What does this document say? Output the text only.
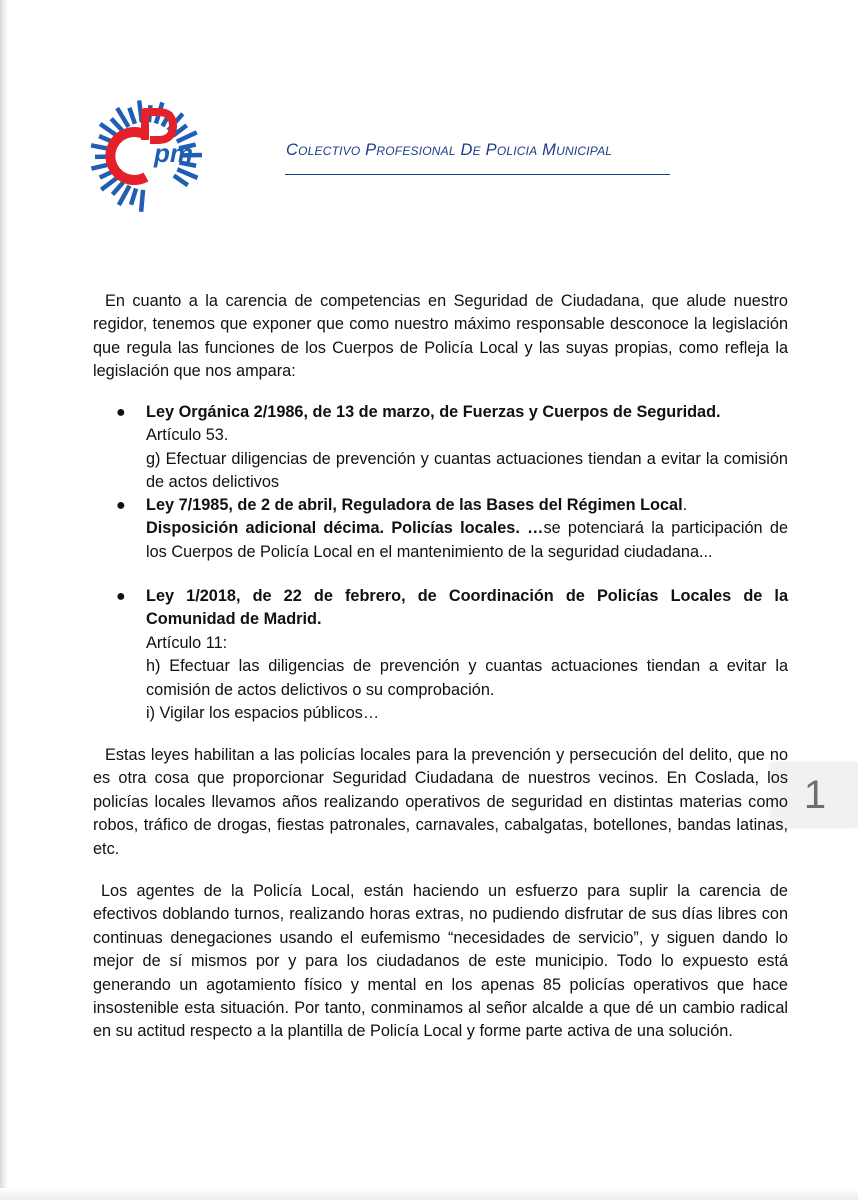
pm	Colectivo Profesional De Policia Municipal
1
En cuanto a la carencia de competencias en Seguridad de Ciudadana, que alude nuestro regidor, tenemos que exponer que como nuestro máximo responsable desconoce la legislación que regula las funciones de los Cuerpos de Policía Local y las suyas propias, como refleja la legislación que nos ampara:
● Ley Orgánica 2/1986, de 13 de marzo, de Fuerzas y Cuerpos de Seguridad.
Artículo 53.
g) Efectuar diligencias de prevención y cuantas actuaciones tiendan a evitar la comisión de actos delictivos
● Ley 7/1985, de 2 de abril, Reguladora de las Bases del Régimen Local.
Disposición adicional décima. Policías locales. …se potenciará la participación de los Cuerpos de Policía Local en el mantenimiento de la seguridad ciudadana...
● Ley 1/2018, de 22 de febrero, de Coordinación de Policías Locales de la Comunidad de Madrid.
Artículo 11:
h) Efectuar las diligencias de prevención y cuantas actuaciones tiendan a evitar la comisión de actos delictivos o su comprobación.
i) Vigilar los espacios públicos…
Estas leyes habilitan a las policías locales para la prevención y persecución del delito, que no es otra cosa que proporcionar Seguridad Ciudadana de nuestros vecinos. En Coslada, los policías locales llevamos años realizando operativos de seguridad en distintas materias como robos, tráfico de drogas, fiestas patronales, carnavales, cabalgatas, botellones, bandas latinas, etc.
Los agentes de la Policía Local, están haciendo un esfuerzo para suplir la carencia de efectivos doblando turnos, realizando horas extras, no pudiendo disfrutar de sus días libres con continuas denegaciones usando el eufemismo “necesidades de servicio”, y siguen dando lo mejor de sí mismos por y para los ciudadanos de este municipio. Todo lo expuesto está generando un agotamiento físico y mental en los apenas 85 policías operativos que hace insostenible esta situación. Por tanto, conminamos al señor alcalde a que dé un cambio radical en su actitud respecto a la plantilla de Policía Local y forme parte activa de una solución.
